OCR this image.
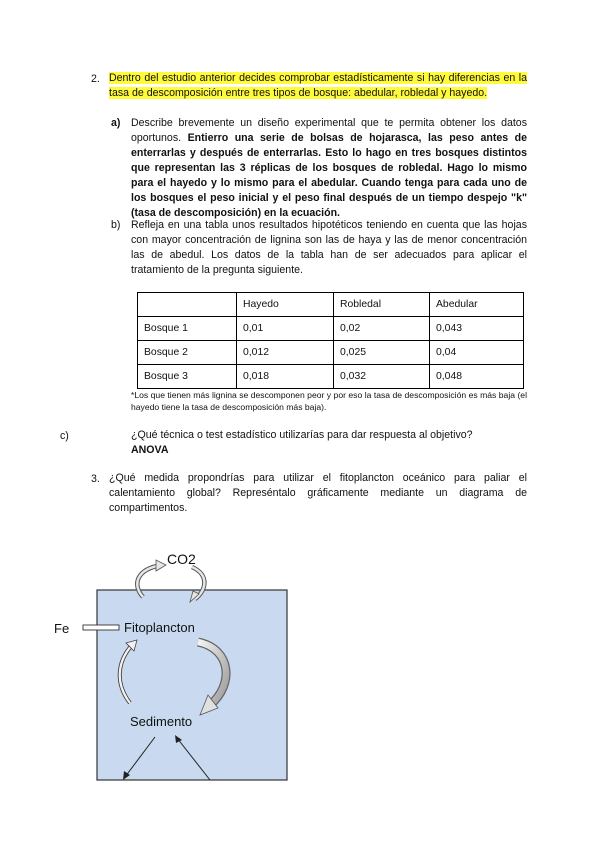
2. Dentro del estudio anterior decides comprobar estadísticamente si hay diferencias en la tasa de descomposición entre tres tipos de bosque: abedular, robledal y hayedo.
a) Describe brevemente un diseño experimental que te permita obtener los datos oportunos. Entierro una serie de bolsas de hojarasca, las peso antes de enterrarlas y después de enterrarlas. Esto lo hago en tres bosques distintos que representan las 3 réplicas de los bosques de robledal. Hago lo mismo para el hayedo y lo mismo para el abedular. Cuando tenga para cada uno de los bosques el peso inicial y el peso final después de un tiempo despejo "k" (tasa de descomposición) en la ecuación.
b) Refleja en una tabla unos resultados hipotéticos teniendo en cuenta que las hojas con mayor concentración de lignina son las de haya y las de menor concentración las de abedul. Los datos de la tabla han de ser adecuados para aplicar el tratamiento de la pregunta siguiente.
	Hayedo	Robledal	Abedular
Bosque 1	0,01	0,02	0,043
Bosque 2	0,012	0,025	0,04
Bosque 3	0,018	0,032	0,048
*Los que tienen más lignina se descomponen peor y por eso la tasa de descomposición es más baja (el hayedo tiene la tasa de descomposición más baja).
c)	¿Qué técnica o test estadístico utilizarías para dar respuesta al objetivo?
ANOVA
3. ¿Qué medida propondrías para utilizar el fitoplancton oceánico para paliar el calentamiento global? Represéntalo gráficamente mediante un diagrama de compartimentos.
CO2
Fe	Fitoplancton
Sedimento
